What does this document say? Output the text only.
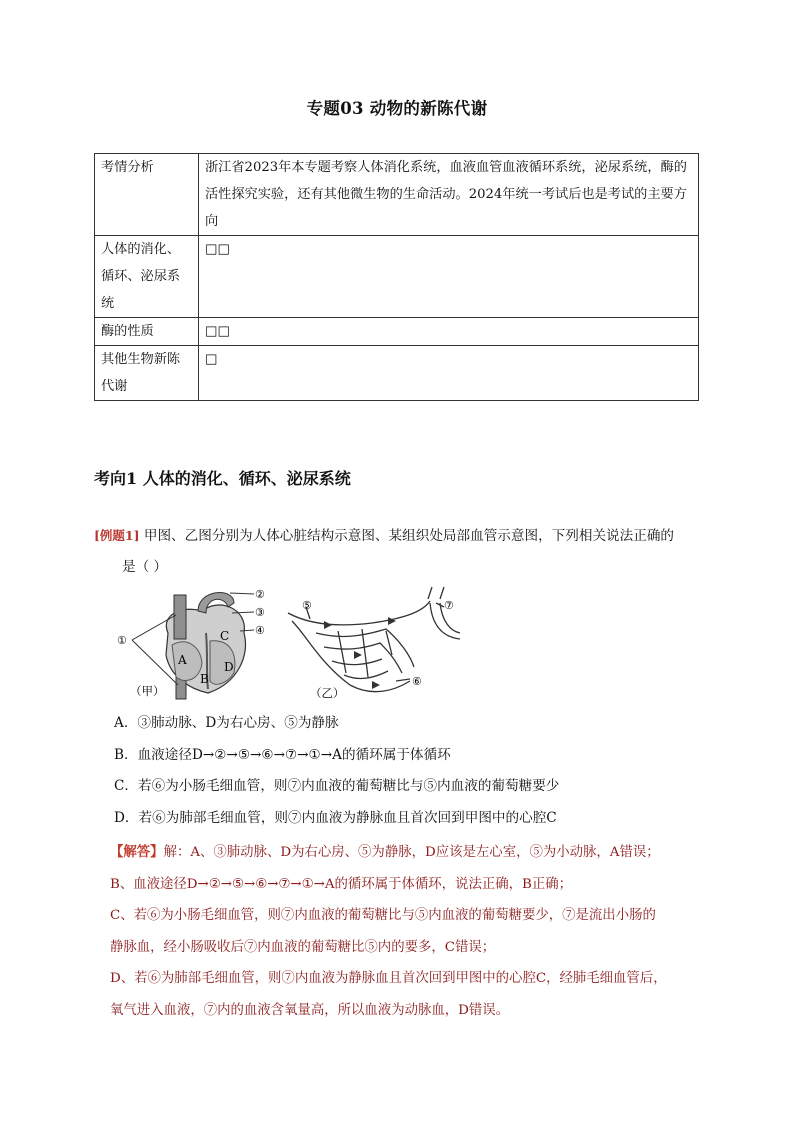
专题03 动物的新陈代谢
考情分析	浙江省2023年本专题考察人体消化系统，血液血管血液循环系统，泌尿系统，酶的活性探究实验，还有其他微生物的生命活动。2024年统一考试后也是考试的主要方向
人体的消化、循环、泌尿系统	□□
酶的性质	□□
其他生物新陈代谢	□
考向1 人体的消化、循环、泌尿系统
[例题1] 甲图、乙图分别为人体心脏结构示意图、某组织处局部血管示意图，下列相关说法正确的
是（ ）
①
②
③
④
A
B
C
D
（甲）
⑤
⑥
⑦
（乙）
A．③肺动脉、D为右心房、⑤为静脉
B．血液途径D→②→⑤→⑥→⑦→①→A的循环属于体循环
C．若⑥为小肠毛细血管，则⑦内血液的葡萄糖比与⑤内血液的葡萄糖要少
D．若⑥为肺部毛细血管，则⑦内血液为静脉血且首次回到甲图中的心腔C
【解答】解：A、③肺动脉、D为右心房、⑤为静脉，D应该是左心室，⑤为小动脉，A错误；
B、血液途径D→②→⑤→⑥→⑦→①→A的循环属于体循环，说法正确，B正确；
C、若⑥为小肠毛细血管，则⑦内血液的葡萄糖比与⑤内血液的葡萄糖要少，⑦是流出小肠的
静脉血，经小肠吸收后⑦内血液的葡萄糖比⑤内的要多，C错误；
D、若⑥为肺部毛细血管，则⑦内血液为静脉血且首次回到甲图中的心腔C，经肺毛细血管后，
氧气进入血液，⑦内的血液含氧量高，所以血液为动脉血，D错误。
